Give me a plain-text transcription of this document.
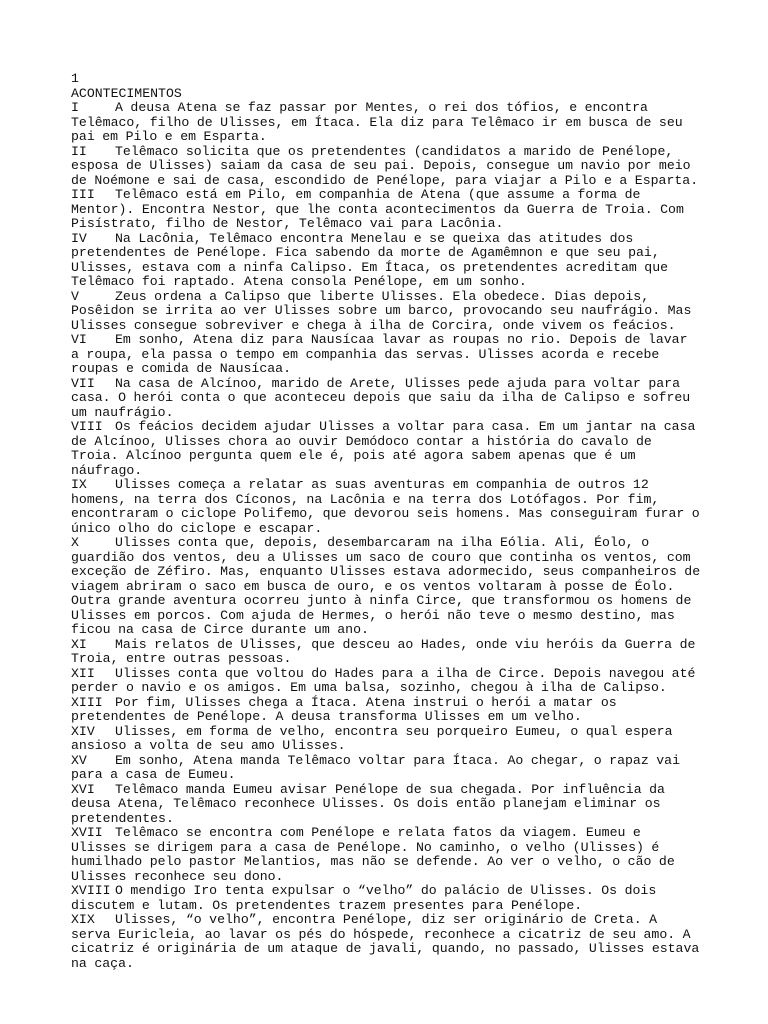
1
ACONTECIMENTOS

I	A deusa Atena se faz passar por Mentes, o rei dos tófios, e encontra Telêmaco, filho de Ulisses, em Ítaca. Ela diz para Telêmaco ir em busca de seu pai em Pilo e em Esparta.

II Telêmaco solicita que os pretendentes (candidatos a marido de Penélope, esposa de Ulisses) saiam da casa de seu pai. Depois, consegue um navio por meio de Noémone e sai de casa, escondido de Penélope, para viajar a Pilo e a Esparta.

III Telêmaco está em Pilo, em companhia de Atena (que assume a forma de Mentor). Encontra Nestor, que lhe conta acontecimentos da Guerra de Troia. Com Pisístrato, filho de Nestor, Telêmaco vai para Lacônia.

IV Na Lacônia, Telêmaco encontra Menelau e se queixa das atitudes dos pretendentes de Penélope. Fica sabendo da morte de Agamêmnon e que seu pai, Ulisses, estava com a ninfa Calipso. Em Ítaca, os pretendentes acreditam que Telêmaco foi raptado. Atena consola Penélope, em um sonho.

V	Zeus ordena a Calipso que liberte Ulisses. Ela obedece. Dias depois, Posêidon se irrita ao ver Ulisses sobre um barco, provocando seu naufrágio. Mas Ulisses consegue sobreviver e chega à ilha de Corcira, onde vivem os feácios.

VI Em sonho, Atena diz para Nausícaa lavar as roupas no rio. Depois de lavar a roupa, ela passa o tempo em companhia das servas. Ulisses acorda e recebe roupas e comida de Nausícaa.

VII Na casa de Alcínoo, marido de Arete, Ulisses pede ajuda para voltar para casa. O herói conta o que aconteceu depois que saiu da ilha de Calipso e sofreu um naufrágio.

VIII Os feácios decidem ajudar Ulisses a voltar para casa. Em um jantar na casa de Alcínoo, Ulisses chora ao ouvir Demódoco contar a história do cavalo de Troia. Alcínoo pergunta quem ele é, pois até agora sabem apenas que é um náufrago.

IX Ulisses começa a relatar as suas aventuras em companhia de outros 12 homens, na terra dos Cíconos, na Lacônia e na terra dos Lotófagos. Por fim, encontraram o ciclope Polifemo, que devorou seis homens. Mas conseguiram furar o único olho do ciclope e escapar.

X	Ulisses conta que, depois, desembarcaram na ilha Eólia. Ali, Éolo, o guardião dos ventos, deu a Ulisses um saco de couro que continha os ventos, com exceção de Zéfiro. Mas, enquanto Ulisses estava adormecido, seus companheiros de viagem abriram o saco em busca de ouro, e os ventos voltaram à posse de Éolo. Outra grande aventura ocorreu junto à ninfa Circe, que transformou os homens de Ulisses em porcos. Com ajuda de Hermes, o herói não teve o mesmo destino, mas ficou na casa de Circe durante um ano.

XI Mais relatos de Ulisses, que desceu ao Hades, onde viu heróis da Guerra de Troia, entre outras pessoas.

XII Ulisses conta que voltou do Hades para a ilha de Circe. Depois navegou até perder o navio e os amigos. Em uma balsa, sozinho, chegou à ilha de Calipso.

XIII Por fim, Ulisses chega a Ítaca. Atena instrui o herói a matar os pretendentes de Penélope. A deusa transforma Ulisses em um velho.

XIV Ulisses, em forma de velho, encontra seu porqueiro Eumeu, o qual espera ansioso a volta de seu amo Ulisses.

XV Em sonho, Atena manda Telêmaco voltar para Ítaca. Ao chegar, o rapaz vai para a casa de Eumeu.

XVI Telêmaco manda Eumeu avisar Penélope de sua chegada. Por influência da deusa Atena, Telêmaco reconhece Ulisses. Os dois então planejam eliminar os pretendentes.

XVII Telêmaco se encontra com Penélope e relata fatos da viagem. Eumeu e Ulisses se dirigem para a casa de Penélope. No caminho, o velho (Ulisses) é humilhado pelo pastor Melantios, mas não se defende. Ao ver o velho, o cão de Ulisses reconhece seu dono.

XVIII O mendigo Iro tenta expulsar o “velho” do palácio de Ulisses. Os dois discutem e lutam. Os pretendentes trazem presentes para Penélope.

XIX Ulisses, “o velho”, encontra Penélope, diz ser originário de Creta. A serva Euricleia, ao lavar os pés do hóspede, reconhece a cicatriz de seu amo. A cicatriz é originária de um ataque de javali, quando, no passado, Ulisses estava na caça.
